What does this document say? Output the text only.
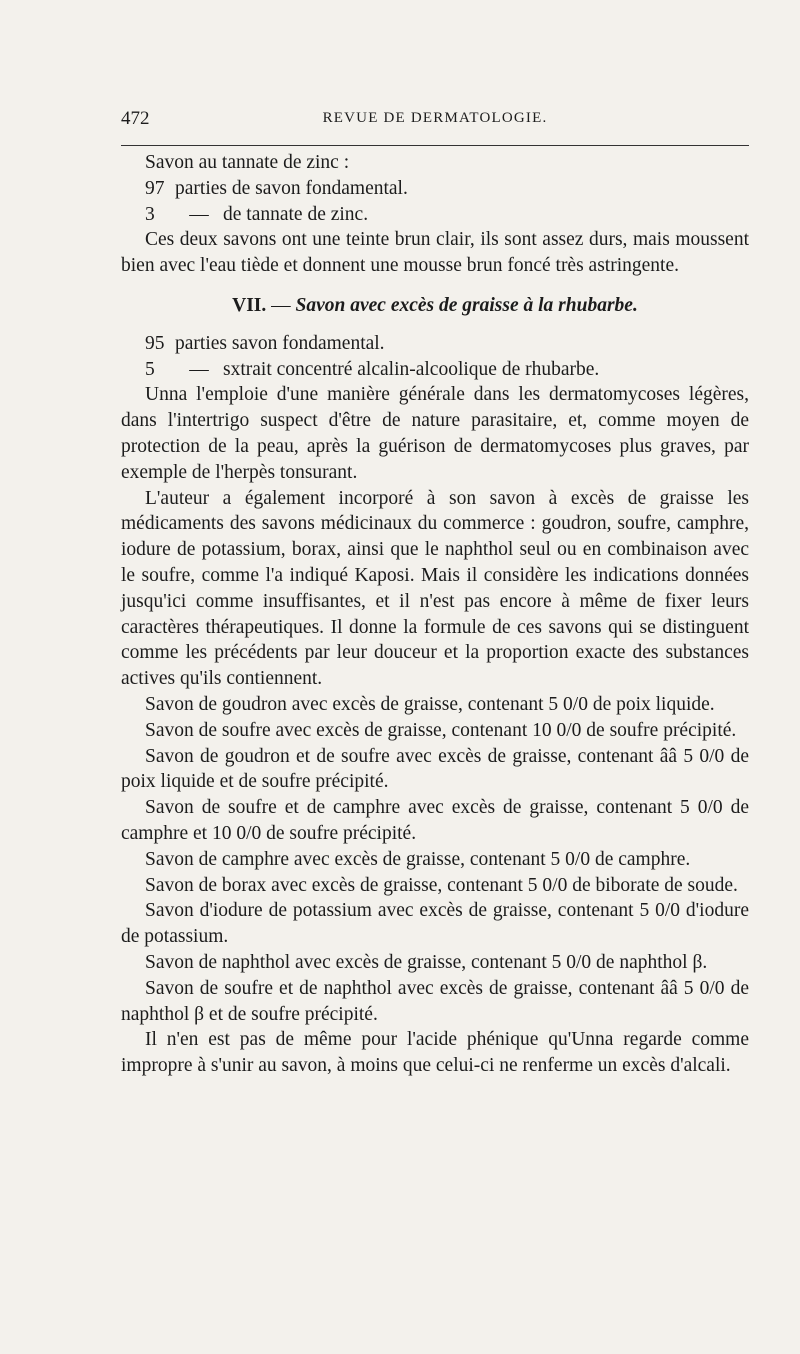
472	REVUE DE DERMATOLOGIE.

Savon au tannate de zinc :

97 parties de savon fondamental.

3 — de tannate de zinc.

Ces deux savons ont une teinte brun clair, ils sont assez durs, mais moussent bien avec l'eau tiède et donnent une mousse brun foncé très astringente.

VII. — Savon avec excès de graisse à la rhubarbe.

95 parties savon fondamental.

5 — sxtrait concentré alcalin-alcoolique de rhubarbe.

Unna l'emploie d'une manière générale dans les dermatomycoses légères, dans l'intertrigo suspect d'être de nature parasitaire, et, comme moyen de protection de la peau, après la guérison de dermatomycoses plus graves, par exemple de l'herpès tonsurant.

L'auteur a également incorporé à son savon à excès de graisse les médicaments des savons médicinaux du commerce : goudron, soufre, camphre, iodure de potassium, borax, ainsi que le naphthol seul ou en combinaison avec le soufre, comme l'a indiqué Kaposi. Mais il considère les indications données jusqu'ici comme insuffisantes, et il n'est pas encore à même de fixer leurs caractères thérapeutiques. Il donne la formule de ces savons qui se distinguent comme les précédents par leur douceur et la proportion exacte des substances actives qu'ils contiennent.

Savon de goudron avec excès de graisse, contenant 5 0/0 de poix liquide.

Savon de soufre avec excès de graisse, contenant 10 0/0 de soufre précipité.

Savon de goudron et de soufre avec excès de graisse, contenant ââ 5 0/0 de poix liquide et de soufre précipité.

Savon de soufre et de camphre avec excès de graisse, contenant 5 0/0 de camphre et 10 0/0 de soufre précipité.

Savon de camphre avec excès de graisse, contenant 5 0/0 de camphre.

Savon de borax avec excès de graisse, contenant 5 0/0 de biborate de soude.

Savon d'iodure de potassium avec excès de graisse, contenant 5 0/0 d'iodure de potassium.

Savon de naphthol avec excès de graisse, contenant 5 0/0 de naphthol β.

Savon de soufre et de naphthol avec excès de graisse, contenant ââ 5 0/0 de naphthol β et de soufre précipité.

Il n'en est pas de même pour l'acide phénique qu'Unna regarde comme impropre à s'unir au savon, à moins que celui-ci ne renferme un excès d'alcali.
